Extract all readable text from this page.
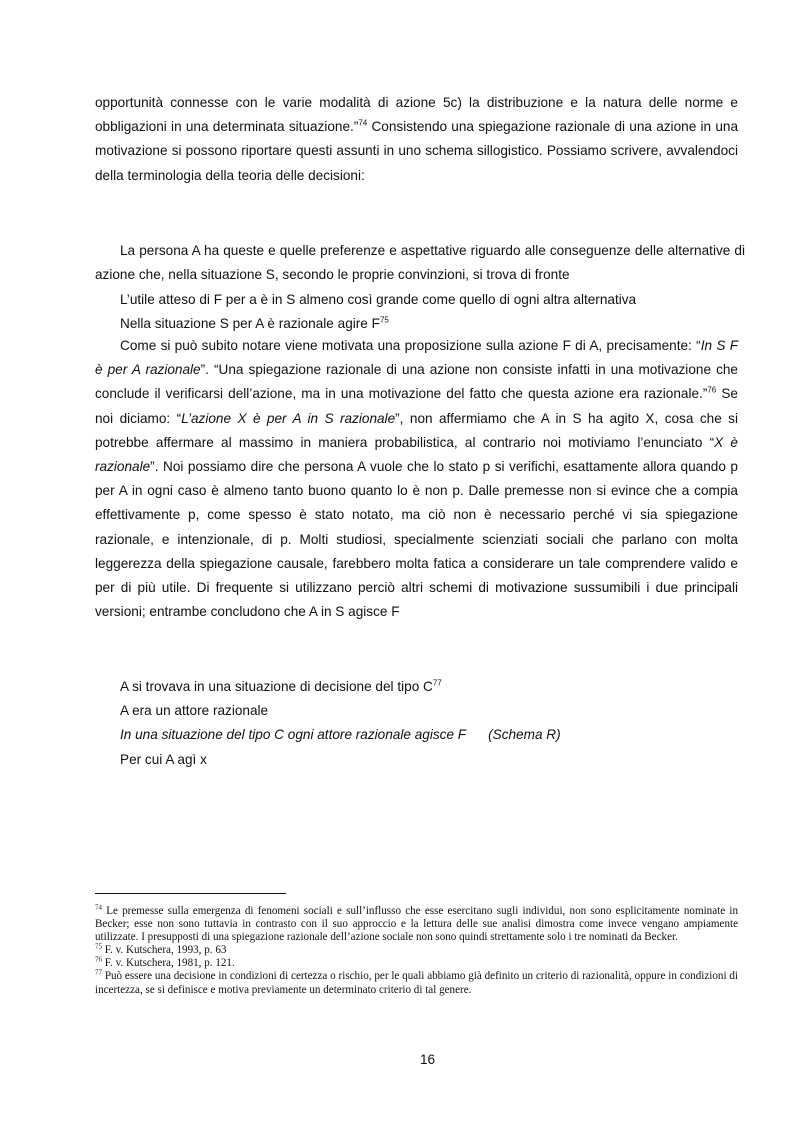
opportunità connesse con le varie modalità di azione 5c) la distribuzione e la natura delle norme e obbligazioni in una determinata situazione.”$^{74}$ Consistendo una spiegazione razionale di una azione in una motivazione si possono riportare questi assunti in uno schema sillogistico. Possiamo scrivere, avvalendoci della terminologia della teoria delle decisioni:
La persona A ha queste e quelle preferenze e aspettative riguardo alle conseguenze delle alternative di azione che, nella situazione S, secondo le proprie convinzioni, si trova di fronte
L’utile atteso di F per a è in S almeno così grande come quello di ogni altra alternativa
Nella situazione S per A è razionale agire $F^{75}$
Come si può subito notare viene motivata una proposizione sulla azione F di A, precisamente: “In S F è per A razionale”. “Una spiegazione razionale di una azione non consiste infatti in una motivazione che conclude il verificarsi dell’azione, ma in una motivazione del fatto che questa azione era razionale.”$^{76}$ Se noi diciamo: “L’azione X è per A in S razionale”, non affermiamo che A in S ha agito X, cosa che si potrebbe affermare al massimo in maniera probabilistica, al contrario noi motiviamo l’enunciato “X è razionale”. Noi possiamo dire che persona A vuole che lo stato p si verifichi, esattamente allora quando p per A in ogni caso è almeno tanto buono quanto lo è non p. Dalle premesse non si evince che a compia effettivamente p, come spesso è stato notato, ma ciò non è necessario perché vi sia spiegazione razionale, e intenzionale, di p. Molti studiosi, specialmente scienziati sociali che parlano con molta leggerezza della spiegazione causale, farebbero molta fatica a considerare un tale comprendere valido e per di più utile. Di frequente si utilizzano perciò altri schemi di motivazione sussumibili i due principali versioni; entrambe concludono che A in S agisce F
A si trovava in una situazione di decisione del tipo $C^{77}$
A era un attore razionale
In una situazione del tipo C ogni attore razionale agisce F (Schema R)
Per cui A agì x

$^{74}$ Le premesse sulla emergenza di fenomeni sociali e sull’influsso che esse esercitano sugli individui, non sono esplicitamente nominate in Becker; esse non sono tuttavia in contrasto con il suo approccio e la lettura delle sue analisi dimostra come invece vengano ampiamente utilizzate. I presupposti di una spiegazione razionale dell’azione sociale non sono quindi strettamente solo i tre nominati da Becker.

$^{75}$ F. v. Kutschera, 1993, p. 63

$^{76}$ F. v. Kutschera, 1981, p. 121.

$^{77}$ Può essere una decisione in condizioni di certezza o rischio, per le quali abbiamo già definito un criterio di razionalità, oppure in condizioni di incertezza, se si definisce e motiva previamente un determinato criterio di tal genere.

16
